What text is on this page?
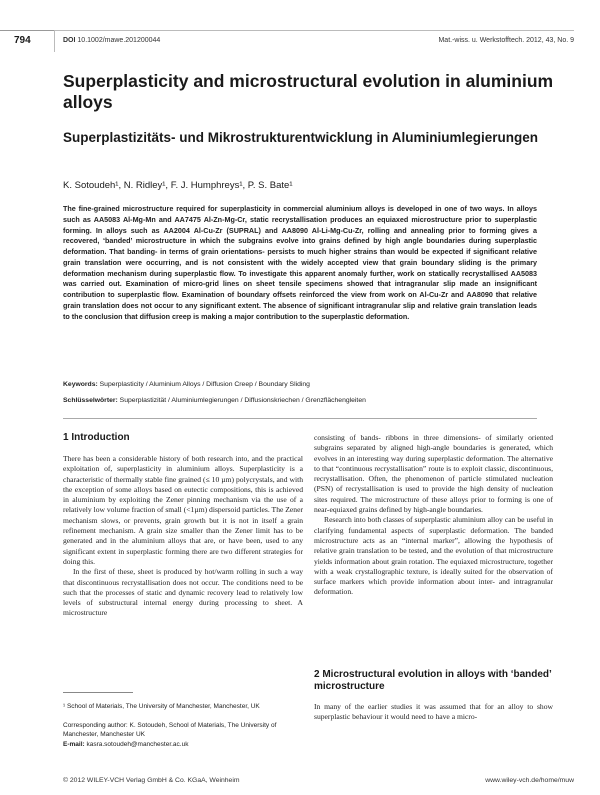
794	DOI 10.1002/mawe.201200044	Mat.-wiss. u. Werkstofftech. 2012, 43, No. 9
Superplasticity and microstructural evolution in aluminium alloys
Superplastizitäts- und Mikrostrukturentwicklung in Aluminiumlegierungen
K. Sotoudeh¹, N. Ridley¹, F. J. Humphreys¹, P. S. Bate¹
The fine-grained microstructure required for superplasticity in commercial aluminium alloys is developed in one of two ways. In alloys such as AA5083 Al-Mg-Mn and AA7475 Al-Zn-Mg-Cr, static recrystallisation produces an equiaxed microstructure prior to superplastic forming. In alloys such as AA2004 Al-Cu-Zr (SUPRAL) and AA8090 Al-Li-Mg-Cu-Zr, rolling and annealing prior to forming gives a recovered, ‘banded’ microstructure in which the subgrains evolve into grains defined by high angle boundaries during superplastic deformation. That banding- in terms of grain orientations- persists to much higher strains than would be expected if significant relative grain translation were occurring, and is not consistent with the widely accepted view that grain boundary sliding is the primary deformation mechanism during superplastic flow. To investigate this apparent anomaly further, work on statically recrystallised AA5083 was carried out. Examination of micro-grid lines on sheet tensile specimens showed that intragranular slip made an insignificant contribution to superplastic flow. Examination of boundary offsets reinforced the view from work on Al-Cu-Zr and AA8090 that relative grain translation does not occur to any significant extent. The absence of significant intragranular slip and relative grain translation leads to the conclusion that diffusion creep is making a major contribution to the superplastic deformation.
Keywords: Superplasticity / Aluminium Alloys / Diffusion Creep / Boundary Sliding
Schlüsselwörter: Superplastizität / Aluminiumlegierungen / Diffusionskriechen / Grenzflächengleiten
1 Introduction

There has been a considerable history of both research into, and the practical exploitation of, superplasticity in aluminium alloys. Superplasticity is a characteristic of thermally stable fine grained (≤ 10 µm) polycrystals, and with the exception of some alloys based on eutectic compositions, this is achieved in aluminium by exploiting the Zener pinning mechanism via the use of a relatively low volume fraction of small (<1µm) dispersoid particles. The Zener mechanism slows, or prevents, grain growth but it is not in itself a grain refinement mechanism. A grain size smaller than the Zener limit has to be generated and in the aluminium alloys that are, or have been, used to any significant extent in superplastic forming there are two different strategies for doing this.

In the first of these, sheet is produced by hot/warm rolling in such a way that discontinuous recrystallisation does not occur. The conditions need to be such that the processes of static and dynamic recovery lead to relatively low levels of substructural internal energy during processing to sheet. A microstructure

consisting of bands- ribbons in three dimensions- of similarly oriented subgrains separated by aligned high-angle boundaries is generated, which evolves in an interesting way during superplastic deformation. The alternative to that “continuous recrystallisation” route is to exploit classic, discontinuous, recrystallisation. Often, the phenomenon of particle stimulated nucleation (PSN) of recrystallisation is used to provide the high density of nucleation sites required. The microstructure of these alloys prior to forming is one of near-equiaxed grains defined by high-angle boundaries.

Research into both classes of superplastic aluminium alloy can be useful in clarifying fundamental aspects of superplastic deformation. The banded microstructure acts as an “internal marker”, allowing the hypothesis of relative grain translation to be tested, and the evolution of that microstructure yields information about grain rotation. The equiaxed microstructure, together with a weak crystallographic texture, is ideally suited for the observation of surface markers which provide information about inter- and intragranular deformation.

2 Microstructural evolution in alloys with ‘banded’ microstructure

In many of the earlier studies it was assumed that for an alloy to show superplastic behaviour it would need to have a micro-

¹ School of Materials, The University of Manchester, Manchester, UK
Corresponding author: K. Sotoudeh, School of Materials, The University of Manchester, Manchester UK
E-mail: kasra.sotoudeh@manchester.ac.uk
© 2012 WILEY-VCH Verlag GmbH & Co. KGaA, Weinheim	www.wiley-vch.de/home/muw
